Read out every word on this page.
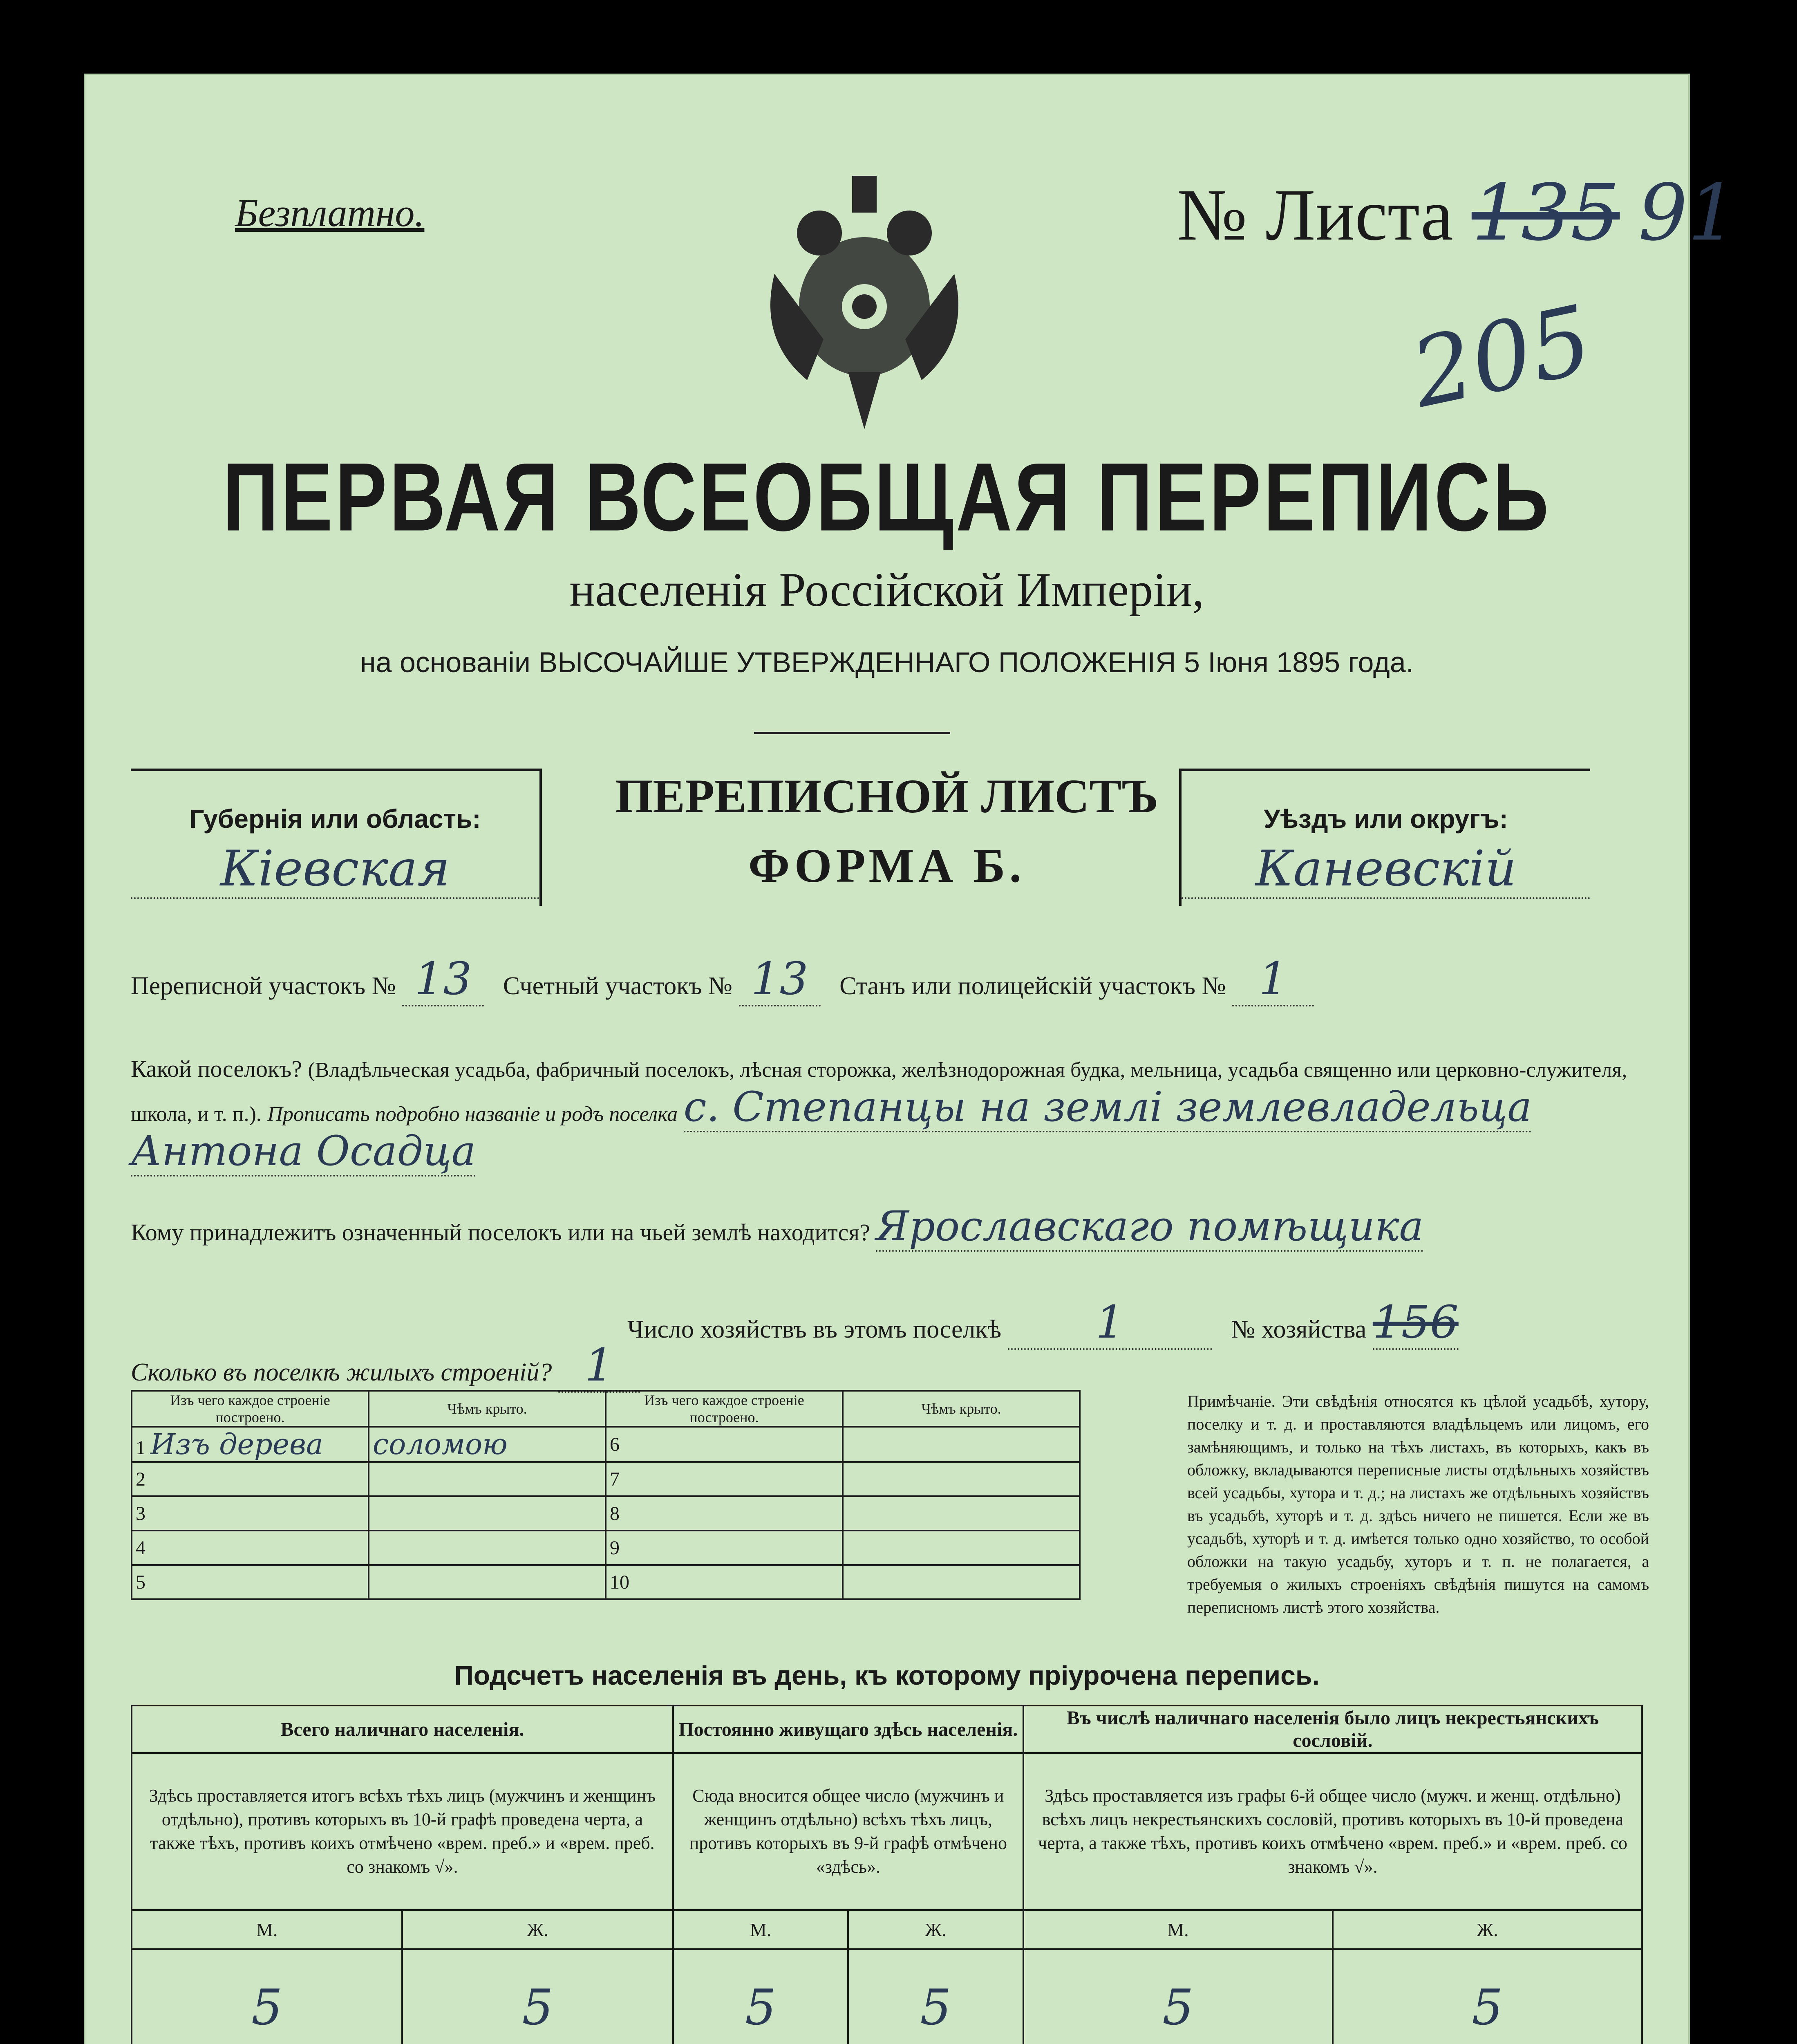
Безплатно.	№ Листа 135 91
205
ПЕРВАЯ ВСЕОБЩАЯ ПЕРЕПИСЬ
населенія Россійской Имперіи,
на основаніи ВЫСОЧАЙШЕ УТВЕРЖДЕННАГО ПОЛОЖЕНІЯ 5 Іюня 1895 года.
Губернія или область:
Кiевская
ПЕРЕПИСНОЙ ЛИСТЪ
ФОРМА Б.
Уѣздъ или округъ:
Каневскій
Переписной участокъ № 13 Счетный участокъ № 13 Станъ или полицейскій участокъ № 1
Какой поселокъ? (Владѣльческая усадьба, фабричный поселокъ, лѣсная сторожка, желѣзнодорожная будка, мельница, усадьба священно или церковно-служителя, школа, и т. п.). Прописать подробно названіе и родъ поселка с. Степанцы на землі землевладельца Антона Осадца
Кому принадлежитъ означенный поселокъ или на чьей землѣ находится? Ярославскаго помѣщика
Число хозяйствъ въ этомъ поселкѣ 1	№ хозяйства 156
Сколько въ поселкѣ жилыхъ строеній? 1
Изъ чего каждое строеніе построено.	Чѣмъ крыто.	Изъ чего каждое строеніе построено.	Чѣмъ крыто.
1 Изъ дерева	соломою	6	
2		7	
3		8	
4		9	
5		10	
Примѣчаніе. Эти свѣдѣнія относятся къ цѣлой усадьбѣ, хутору, поселку и т. д. и проставляются владѣльцемъ или лицомъ, его замѣняющимъ, и только на тѣхъ листахъ, въ которыхъ, какъ въ обложку, вкладываются переписные листы отдѣльныхъ хозяйствъ всей усадьбы, хутора и т. д.; на листахъ же отдѣльныхъ хозяйствъ въ усадьбѣ, хуторѣ и т. д. здѣсь ничего не пишется. Если же въ усадьбѣ, хуторѣ и т. д. имѣется только одно хозяйство, то особой обложки на такую усадьбу, хуторъ и т. п. не полагается, а требуемыя о жилыхъ строеніяхъ свѣдѣнія пишутся на самомъ переписномъ листѣ этого хозяйства.
Подсчетъ населенія въ день, къ которому пріурочена перепись.
Всего наличнаго населенія.		Постоянно живущаго здѣсь населенія.		Въ числѣ наличнаго населенія было лицъ некрестьянскихъ сословій.	
Здѣсь проставляется итогъ всѣхъ тѣхъ лицъ (мужчинъ и женщинъ отдѣльно), противъ которыхъ въ 10-й графѣ проведена черта, а также тѣхъ, противъ коихъ отмѣчено «врем. преб.» и «врем. преб. со знакомъ √».		Сюда вносится общее число (мужчинъ и женщинъ отдѣльно) всѣхъ тѣхъ лицъ, противъ которыхъ въ 9-й графѣ отмѣчено «здѣсь».		Здѣсь проставляется изъ графы 6-й общее число (мужч. и женщ. отдѣльно) всѣхъ лицъ некрестьянскихъ сословій, противъ которыхъ въ 10-й проведена черта, а также тѣхъ, противъ коихъ отмѣчено «врем. преб.» и «врем. преб. со знакомъ √».	
М.	Ж.	М.	Ж.	М.	Ж.
5	5	5	5	5	5
